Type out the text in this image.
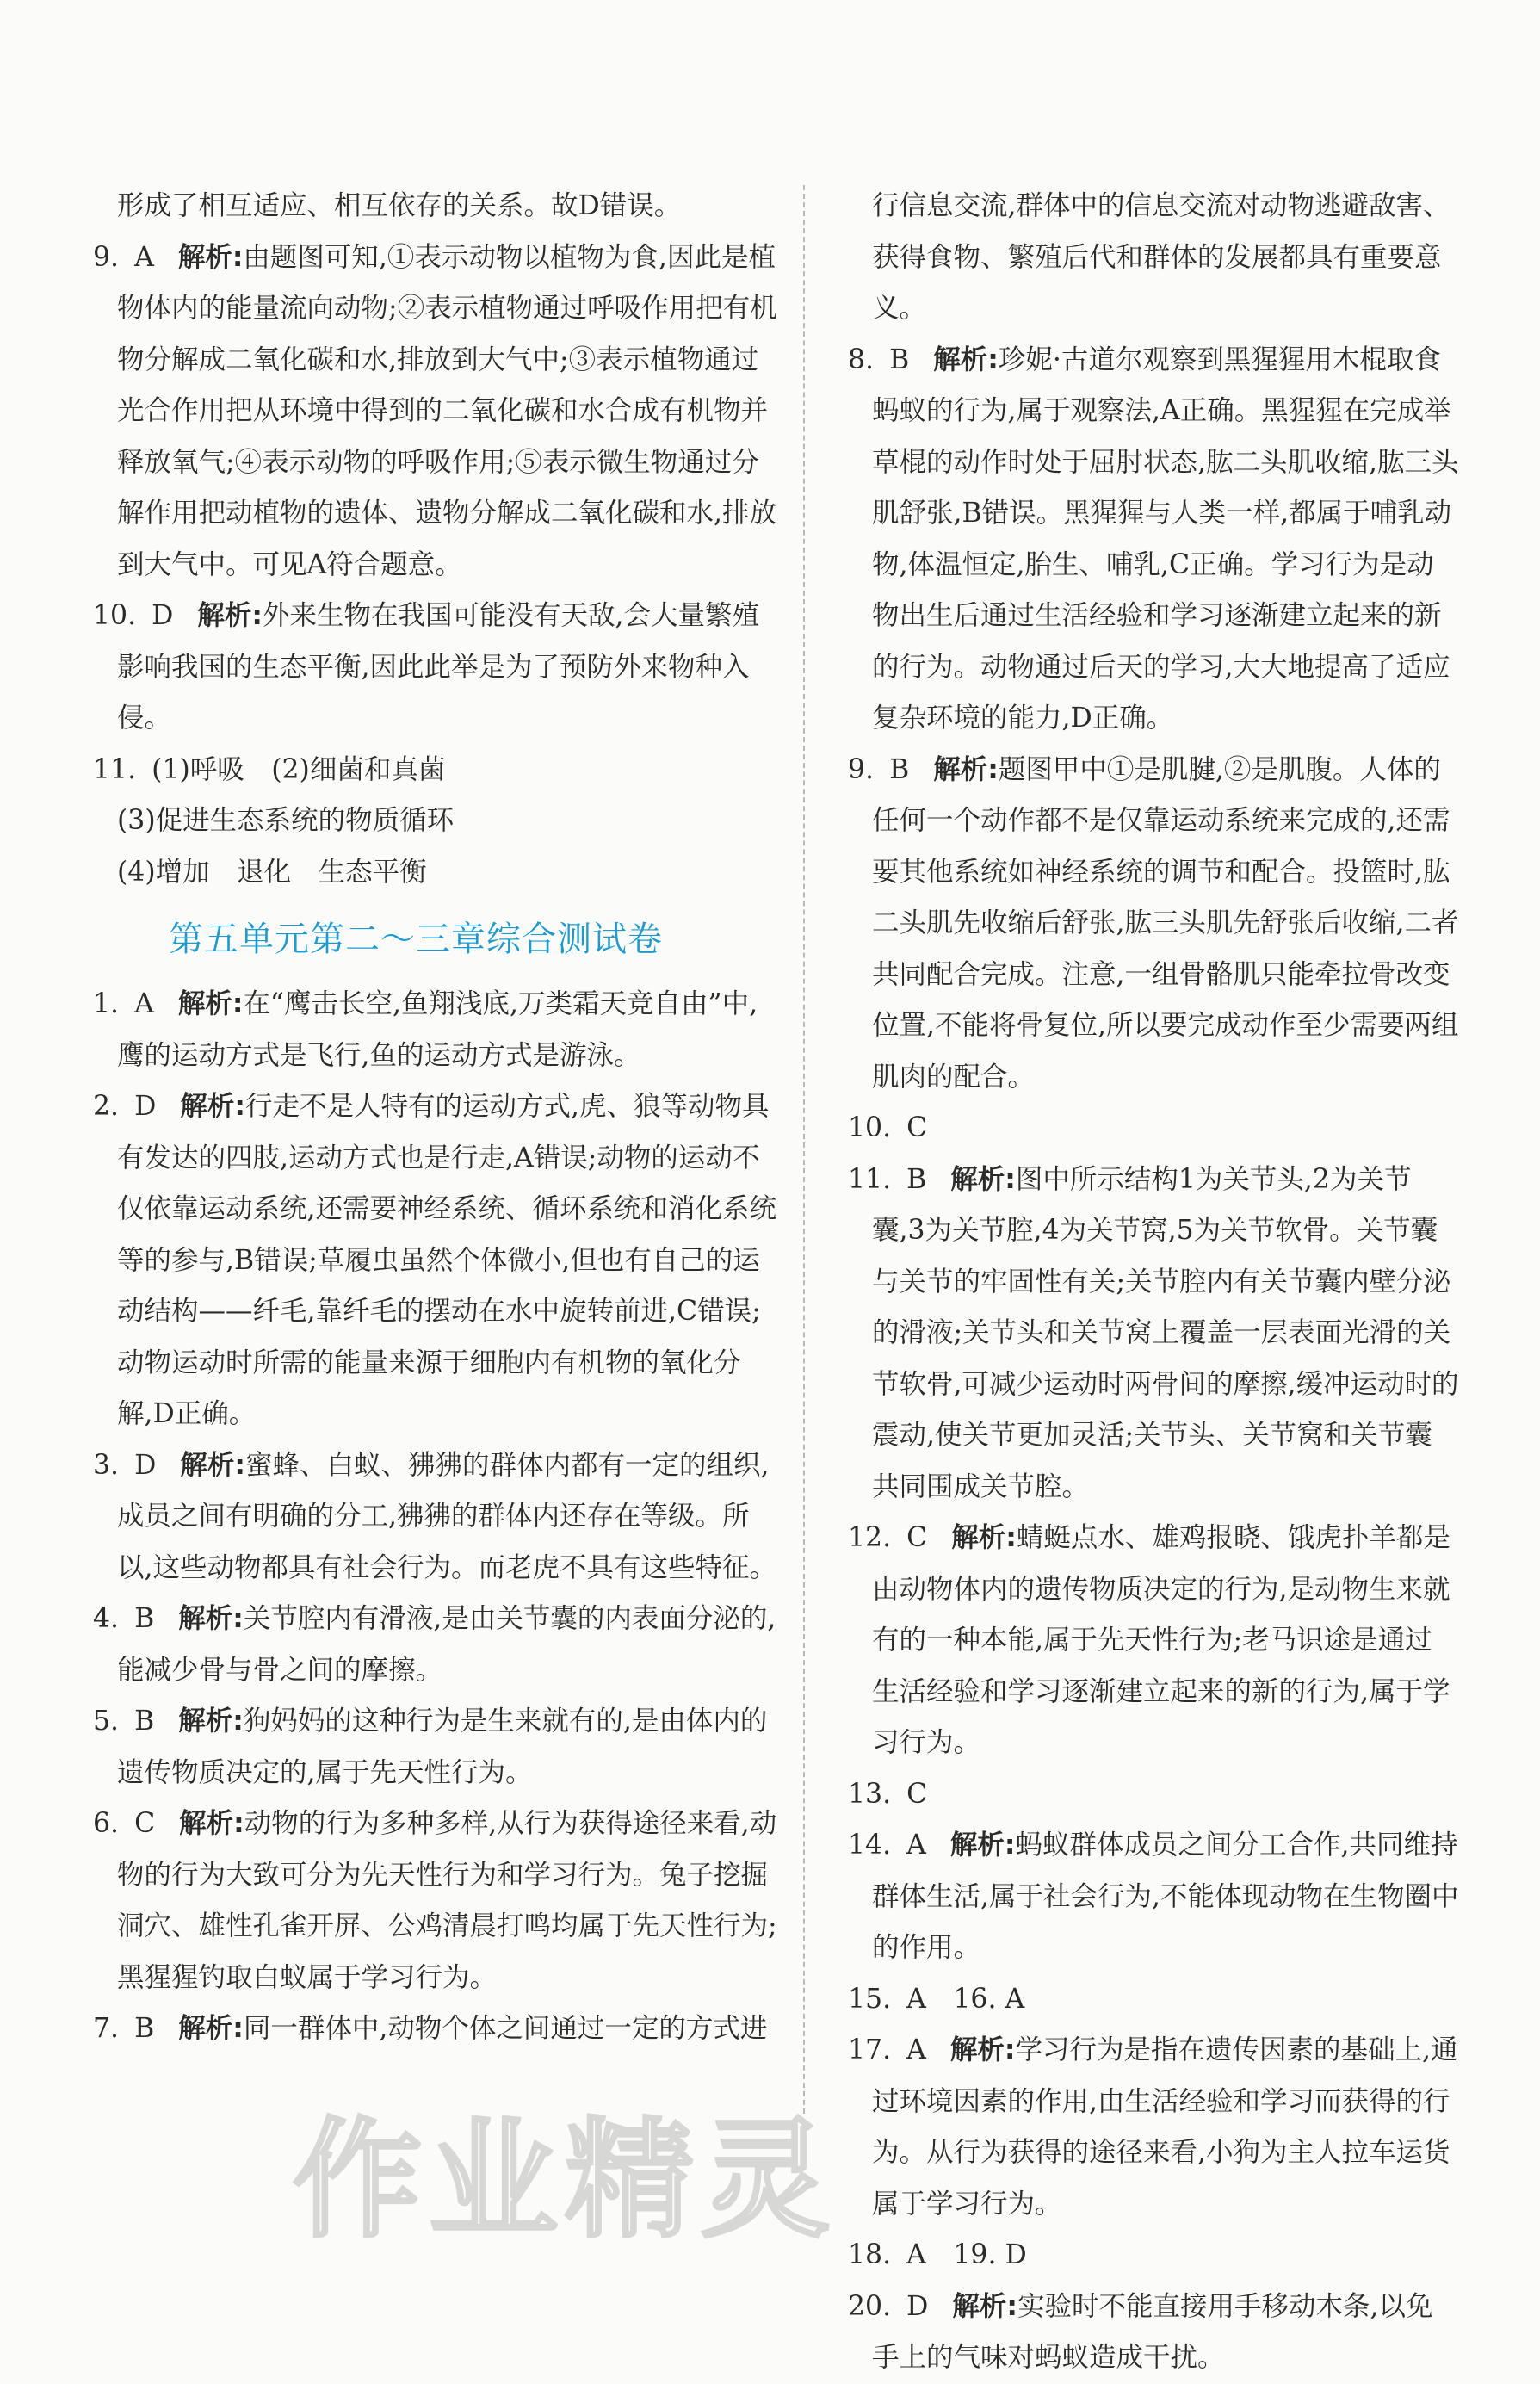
形成了相互适应、相互依存的关系。故D错误。

9. A 解析:由题图可知,①表示动物以植物为食,因此是植物体内的能量流向动物;②表示植物通过呼吸作用把有机物分解成二氧化碳和水,排放到大气中;③表示植物通过光合作用把从环境中得到的二氧化碳和水合成有机物并释放氧气;④表示动物的呼吸作用;⑤表示微生物通过分解作用把动植物的遗体、遗物分解成二氧化碳和水,排放到大气中。可见A符合题意。

10. D 解析:外来生物在我国可能没有天敌,会大量繁殖影响我国的生态平衡,因此此举是为了预防外来物种入侵。

11. (1)呼吸　(2)细菌和真菌

(3)促进生态系统的物质循环

(4)增加　退化　生态平衡

第五单元第二～三章综合测试卷

1. A 解析:在“鹰击长空,鱼翔浅底,万类霜天竞自由”中,鹰的运动方式是飞行,鱼的运动方式是游泳。

2. D 解析:行走不是人特有的运动方式,虎、狼等动物具有发达的四肢,运动方式也是行走,A错误;动物的运动不仅依靠运动系统,还需要神经系统、循环系统和消化系统等的参与,B错误;草履虫虽然个体微小,但也有自己的运动结构——纤毛,靠纤毛的摆动在水中旋转前进,C错误;动物运动时所需的能量来源于细胞内有机物的氧化分解,D正确。

3. D 解析:蜜蜂、白蚁、狒狒的群体内都有一定的组织,成员之间有明确的分工,狒狒的群体内还存在等级。所以,这些动物都具有社会行为。而老虎不具有这些特征。

4. B 解析:关节腔内有滑液,是由关节囊的内表面分泌的,能减少骨与骨之间的摩擦。

5. B 解析:狗妈妈的这种行为是生来就有的,是由体内的遗传物质决定的,属于先天性行为。

6. C 解析:动物的行为多种多样,从行为获得途径来看,动物的行为大致可分为先天性行为和学习行为。兔子挖掘洞穴、雄性孔雀开屏、公鸡清晨打鸣均属于先天性行为;黑猩猩钓取白蚁属于学习行为。

7. B 解析:同一群体中,动物个体之间通过一定的方式进

行信息交流,群体中的信息交流对动物逃避敌害、获得食物、繁殖后代和群体的发展都具有重要意义。

8. B 解析:珍妮·古道尔观察到黑猩猩用木棍取食蚂蚁的行为,属于观察法,A正确。黑猩猩在完成举草棍的动作时处于屈肘状态,肱二头肌收缩,肱三头肌舒张,B错误。黑猩猩与人类一样,都属于哺乳动物,体温恒定,胎生、哺乳,C正确。学习行为是动物出生后通过生活经验和学习逐渐建立起来的新的行为。动物通过后天的学习,大大地提高了适应复杂环境的能力,D正确。

9. B 解析:题图甲中①是肌腱,②是肌腹。人体的任何一个动作都不是仅靠运动系统来完成的,还需要其他系统如神经系统的调节和配合。投篮时,肱二头肌先收缩后舒张,肱三头肌先舒张后收缩,二者共同配合完成。注意,一组骨骼肌只能牵拉骨改变位置,不能将骨复位,所以要完成动作至少需要两组肌肉的配合。

10. C

11. B 解析:图中所示结构1为关节头,2为关节囊,3为关节腔,4为关节窝,5为关节软骨。关节囊与关节的牢固性有关;关节腔内有关节囊内壁分泌的滑液;关节头和关节窝上覆盖一层表面光滑的关节软骨,可减少运动时两骨间的摩擦,缓冲运动时的震动,使关节更加灵活;关节头、关节窝和关节囊共同围成关节腔。

12. C 解析:蜻蜓点水、雄鸡报晓、饿虎扑羊都是由动物体内的遗传物质决定的行为,是动物生来就有的一种本能,属于先天性行为;老马识途是通过生活经验和学习逐渐建立起来的新的行为,属于学习行为。

13. C

14. A 解析:蚂蚁群体成员之间分工合作,共同维持群体生活,属于社会行为,不能体现动物在生物圈中的作用。

15. A　16. A

17. A 解析:学习行为是指在遗传因素的基础上,通过环境因素的作用,由生活经验和学习而获得的行为。从行为获得的途径来看,小狗为主人拉车运货属于学习行为。

18. A　19. D

20. D 解析:实验时不能直接用手移动木条,以免手上的气味对蚂蚁造成干扰。

作业精灵
